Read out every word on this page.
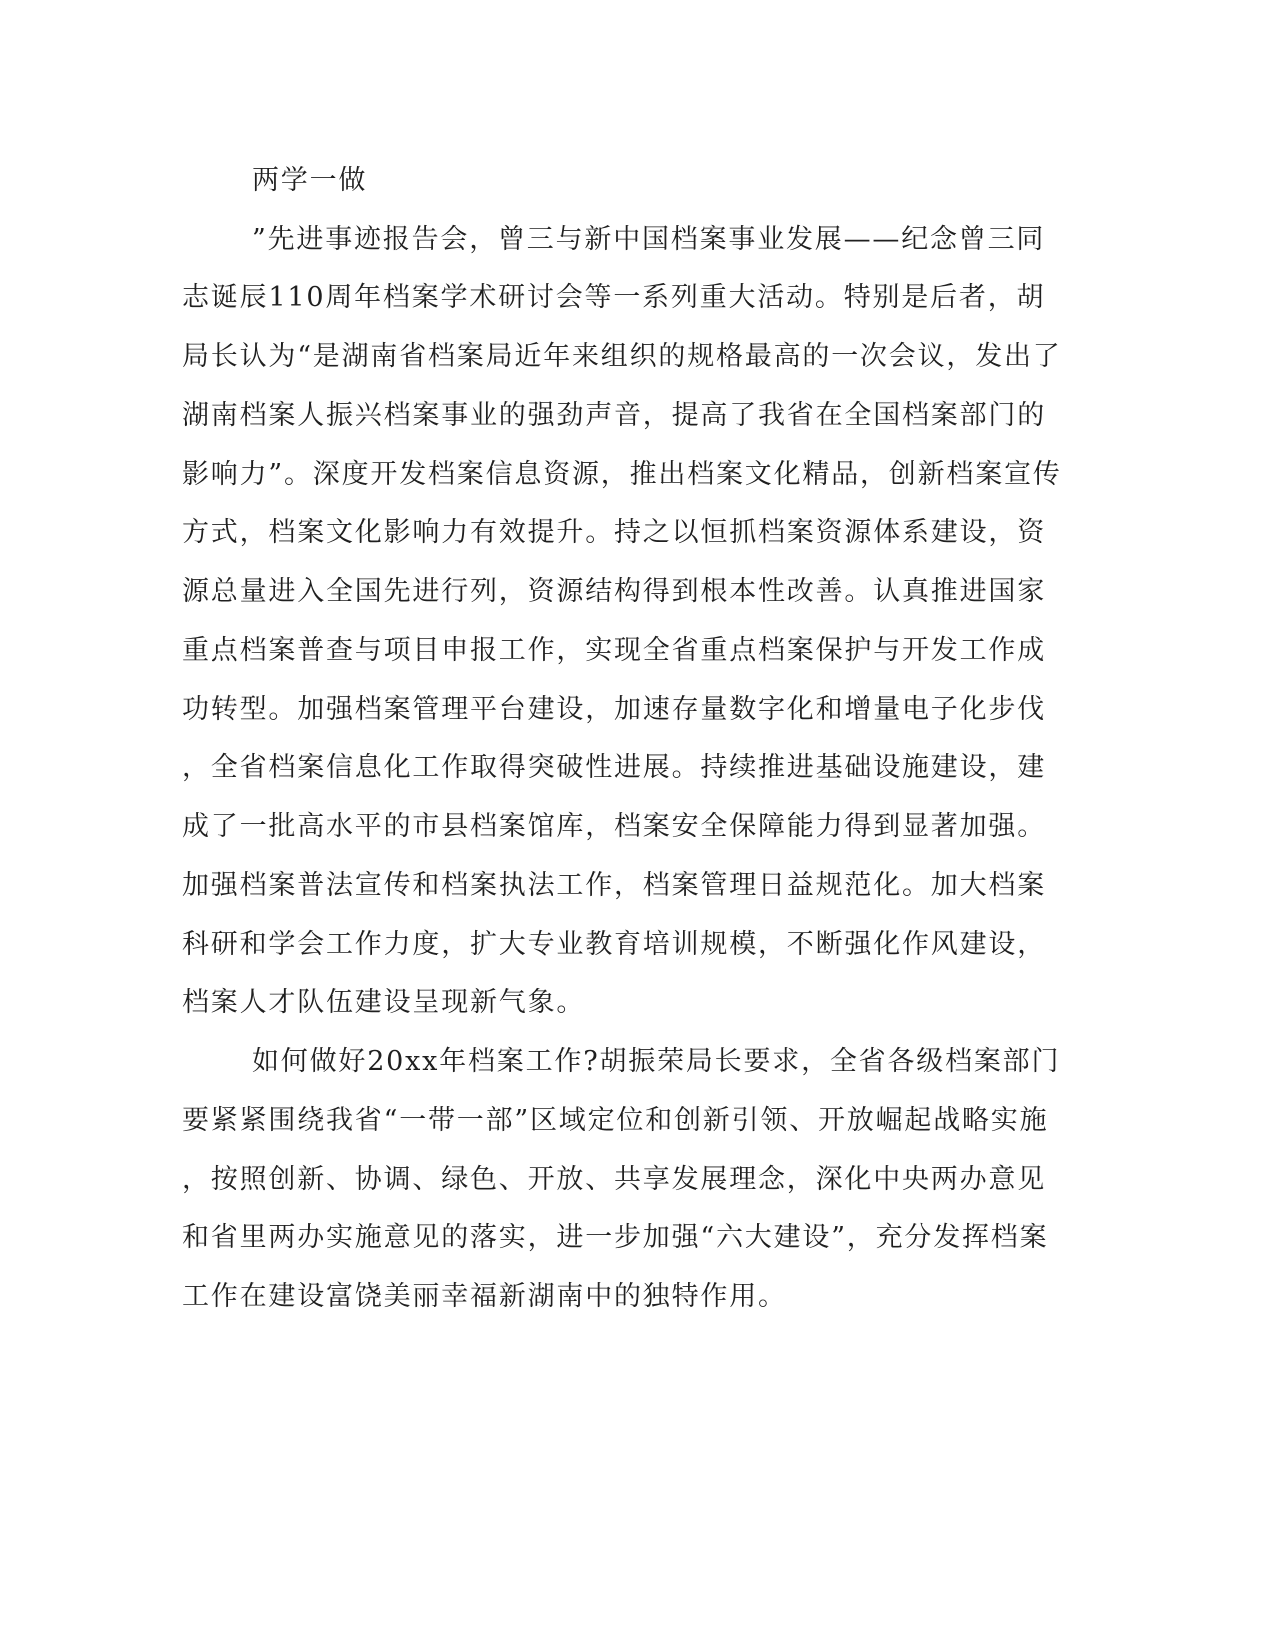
两学一做
”先进事迹报告会，曾三与新中国档案事业发展——纪念曾三同
志诞辰110周年档案学术研讨会等一系列重大活动。特别是后者，胡
局长认为“是湖南省档案局近年来组织的规格最高的一次会议，发出了
湖南档案人振兴档案事业的强劲声音，提高了我省在全国档案部门的
影响力”。深度开发档案信息资源，推出档案文化精品，创新档案宣传
方式，档案文化影响力有效提升。持之以恒抓档案资源体系建设，资
源总量进入全国先进行列，资源结构得到根本性改善。认真推进国家
重点档案普查与项目申报工作，实现全省重点档案保护与开发工作成
功转型。加强档案管理平台建设，加速存量数字化和增量电子化步伐
，全省档案信息化工作取得突破性进展。持续推进基础设施建设，建
成了一批高水平的市县档案馆库，档案安全保障能力得到显著加强。
加强档案普法宣传和档案执法工作，档案管理日益规范化。加大档案
科研和学会工作力度，扩大专业教育培训规模，不断强化作风建设，
档案人才队伍建设呈现新气象。
如何做好20xx年档案工作?胡振荣局长要求，全省各级档案部门
要紧紧围绕我省“一带一部”区域定位和创新引领、开放崛起战略实施
，按照创新、协调、绿色、开放、共享发展理念，深化中央两办意见
和省里两办实施意见的落实，进一步加强“六大建设”，充分发挥档案
工作在建设富饶美丽幸福新湖南中的独特作用。
